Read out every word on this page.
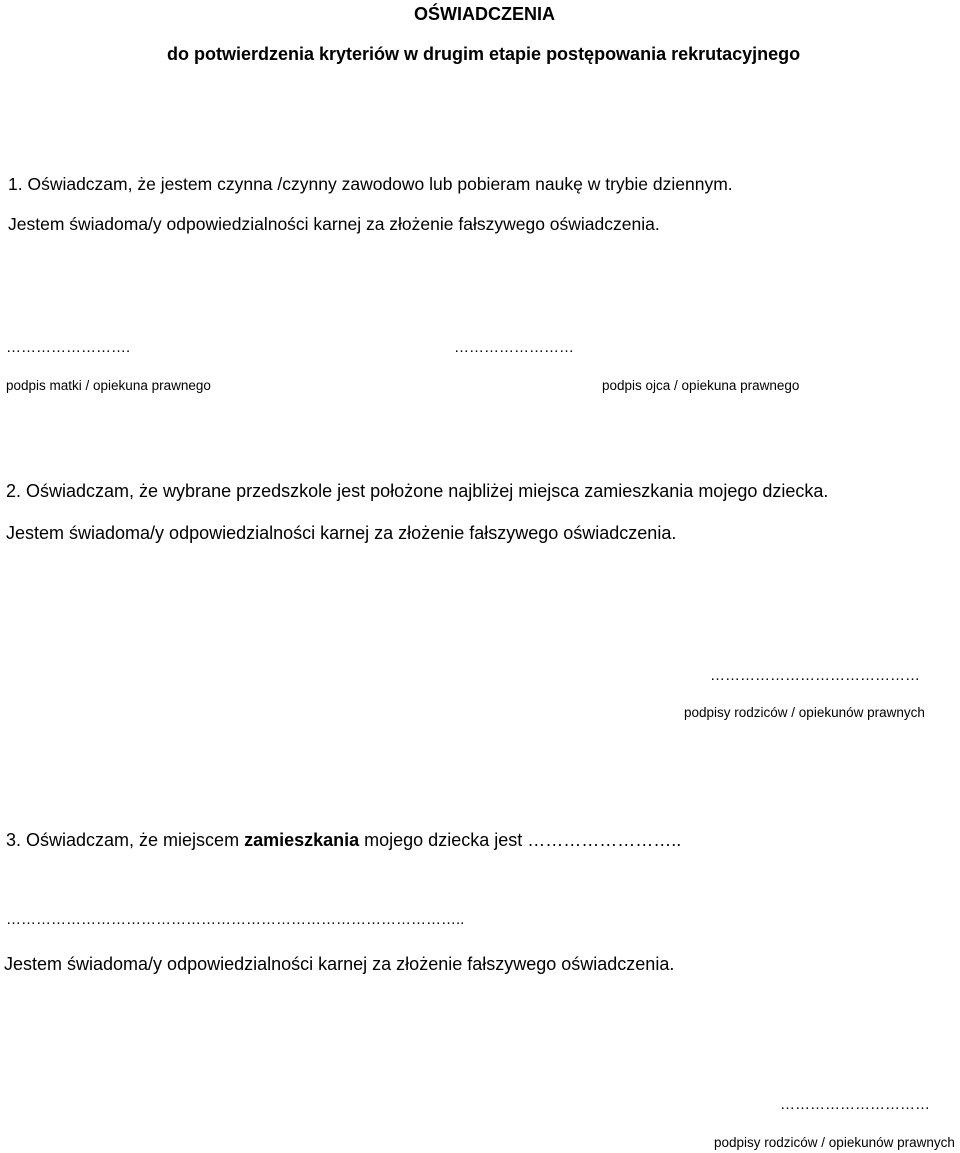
OŚWIADCZENIA
do potwierdzenia kryteriów w drugim etapie postępowania rekrutacyjnego
1. Oświadczam, że jestem czynna /czynny zawodowo lub pobieram naukę w trybie dziennym.
Jestem świadoma/y odpowiedzialności karnej za złożenie fałszywego oświadczenia.
…………………….	……………………
podpis matki / opiekuna prawnego	podpis ojca / opiekuna prawnego
2. Oświadczam, że wybrane przedszkole jest położone najbliżej miejsca zamieszkania mojego dziecka.
Jestem świadoma/y odpowiedzialności karnej za złożenie fałszywego oświadczenia.
……………………………………
podpisy rodziców / opiekunów prawnych
3. Oświadczam, że miejscem zamieszkania mojego dziecka jest ……………………..
………………………………………………………………………………..
Jestem świadoma/y odpowiedzialności karnej za złożenie fałszywego oświadczenia.
…………………………
podpisy rodziców / opiekunów prawnych
